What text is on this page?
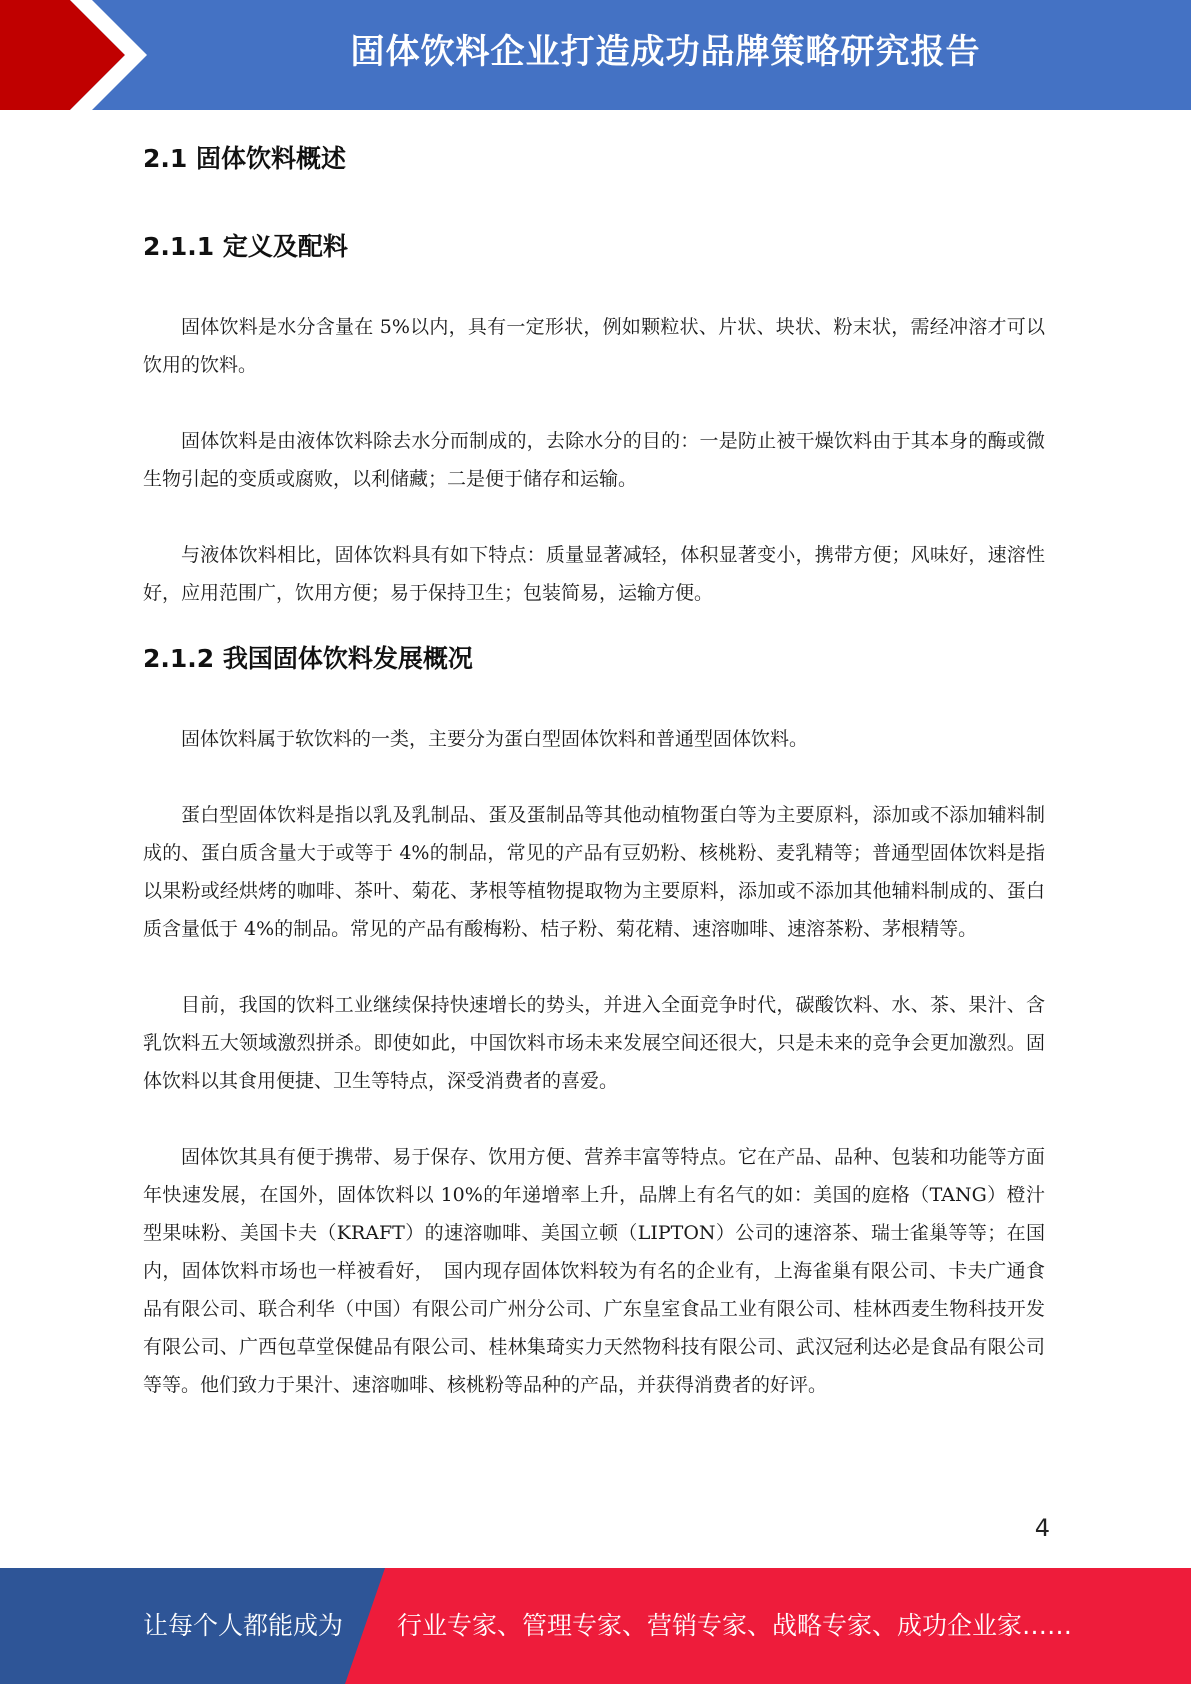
固体饮料企业打造成功品牌策略研究报告
2.1 固体饮料概述
2.1.1 定义及配料

固体饮料是水分含量在 5%以内，具有一定形状，例如颗粒状、片状、块状、粉末状，需经冲溶才可以饮用的饮料。

固体饮料是由液体饮料除去水分而制成的，去除水分的目的：一是防止被干燥饮料由于其本身的酶或微生物引起的变质或腐败，以利储藏；二是便于储存和运输。

与液体饮料相比，固体饮料具有如下特点：质量显著减轻，体积显著变小，携带方便；风味好，速溶性好，应用范围广，饮用方便；易于保持卫生；包装简易，运输方便。

2.1.2 我国固体饮料发展概况

固体饮料属于软饮料的一类，主要分为蛋白型固体饮料和普通型固体饮料。

蛋白型固体饮料是指以乳及乳制品、蛋及蛋制品等其他动植物蛋白等为主要原料，添加或不添加辅料制成的、蛋白质含量大于或等于 4%的制品，常见的产品有豆奶粉、核桃粉、麦乳精等；普通型固体饮料是指以果粉或经烘烤的咖啡、茶叶、菊花、茅根等植物提取物为主要原料，添加或不添加其他辅料制成的、蛋白质含量低于 4%的制品。常见的产品有酸梅粉、桔子粉、菊花精、速溶咖啡、速溶茶粉、茅根精等。

目前，我国的饮料工业继续保持快速增长的势头，并进入全面竞争时代，碳酸饮料、水、茶、果汁、含乳饮料五大领域激烈拼杀。即使如此，中国饮料市场未来发展空间还很大，只是未来的竞争会更加激烈。固体饮料以其食用便捷、卫生等特点，深受消费者的喜爱。

固体饮其具有便于携带、易于保存、饮用方便、营养丰富等特点。它在产品、品种、包装和功能等方面年快速发展，在国外，固体饮料以 10%的年递增率上升，品牌上有名气的如：美国的庭格（TANG）橙汁型果味粉、美国卡夫（KRAFT）的速溶咖啡、美国立顿（LIPTON）公司的速溶茶、瑞士雀巢等等；在国内，固体饮料市场也一样被看好，　国内现存固体饮料较为有名的企业有，上海雀巢有限公司、卡夫广通食品有限公司、联合利华（中国）有限公司广州分公司、广东皇室食品工业有限公司、桂林西麦生物科技开发有限公司、广西包草堂保健品有限公司、桂林集琦实力天然物科技有限公司、武汉冠利达必是食品有限公司等等。他们致力于果汁、速溶咖啡、核桃粉等品种的产品，并获得消费者的好评。

4
让每个人都能成为 行业专家、管理专家、营销专家、战略专家、成功企业家……
